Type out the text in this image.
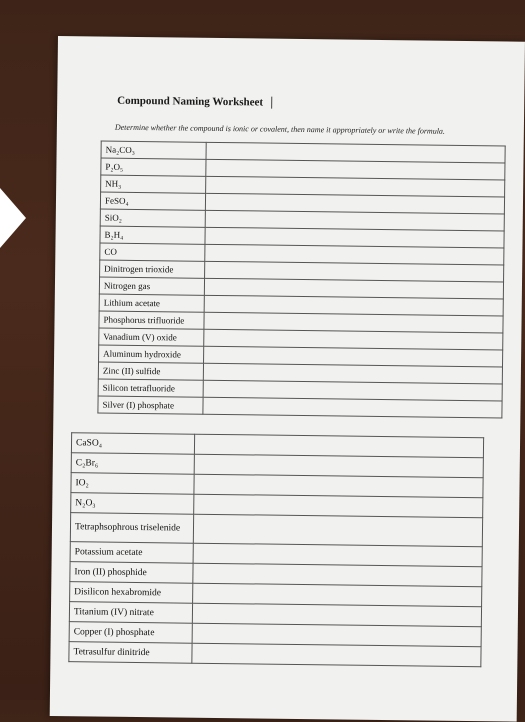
Compound Naming Worksheet
Determine whether the compound is ionic or covalent, then name it appropriately or write the formula.
Na₂CO₃	
P₂O₅	
NH₃	
FeSO₄	
SiO₂	
B₂H₄	
CO	
Dinitrogen trioxide	
Nitrogen gas	
Lithium acetate	
Phosphorus trifluoride	
Vanadium (V) oxide	
Aluminum hydroxide	
Zinc (II) sulfide	
Silicon tetrafluoride	
Silver (I) phosphate	
CaSO₄	
C₂Br₆	
IO₂	
N₂O₃	
Tetraphsophrous triselenide	
Potassium acetate	
Iron (II) phosphide	
Disilicon hexabromide	
Titanium (IV) nitrate	
Copper (I) phosphate	
Tetrasulfur dinitride	
